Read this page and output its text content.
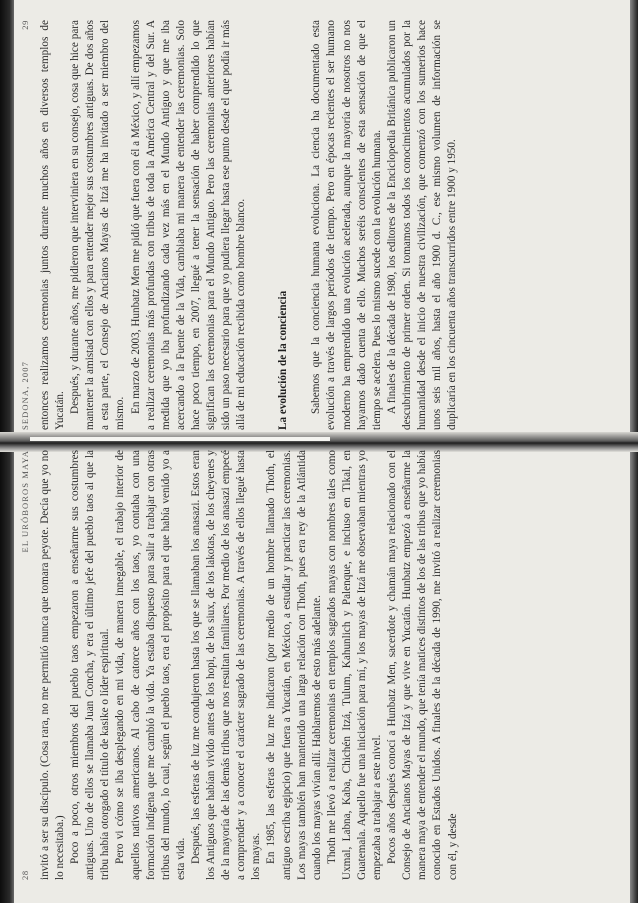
SEDONA, 2007
29 entonces realizamos ceremonias juntos durante muchos años en diversos templos de Yucatán. Después, y durante años, me pidieron que interviniera en su consejo, cosa que hice para mantener la amistad con ellos y para entender mejor sus costumbres antiguas. De dos años a esta parte, el Consejo de Ancianos Mayas de Itzá me ha invitado a ser miembro del mismo. En marzo de 2003, Hunbatz Men me pidió que fuera con él a México, y allí empezamos a realizar ceremonias más profundas con tribus de toda la América Central y del Sur. A medida que yo iba profundizando cada vez más en el Mundo Antiguo y que me iba acercando a la Fuente de la Vida, cambiaba mi manera de entender las ceremonias. Solo hace poco tiempo, en 2007, llegué a tener la sensación de haber comprendido lo que significan las ceremonias para el Mundo Antiguo. Pero las ceremonias anteriores habían sido un paso necesario para que yo pudiera llegar hasta ese punto desde el que podía ir más allá de mi educación recibida como hombre blanco.	La evolución de la conciencia Sabemos que la conciencia humana evoluciona. La ciencia ha documentado esta evolución a través de largos períodos de tiempo. Pero en épocas recientes el ser humano moderno ha emprendido una evolución acelerada, aunque la mayoría de nosotros no nos hayamos dado cuenta de ello. Muchos seréis conscientes de esta sensación de que el tiempo se acelera. Pues lo mismo sucede con la evolución humana. A finales de la década de 1980, los editores de la Enciclopedia Británica publicaron un descubrimiento de primer orden. Si tomamos todos los conocimientos acumulados por la humanidad desde el inicio de nuestra civilización, que comenzó con los sumerios hace unos seis mil años, hasta el año 1900 d. C., ese mismo volumen de información se duplicaría en los cincuenta años transcurridos entre 1900 y 1950.

28
EL URÓBOROS MAYA invitó a ser su discípulo. (Cosa rara, no me permitió nunca que tomara peyote. Decía que yo no lo necesitaba.) Poco a poco, otros miembros del pueblo taos empezaron a enseñarme sus costumbres antiguas. Uno de ellos se llamaba Juan Concha, y era el último jefe del pueblo taos al que la tribu había otorgado el título de kasike o líder espiritual. Pero vi cómo se iba desplegando en mi vida, de manera innegable, el trabajo interior de aquellos nativos americanos. Al cabo de catorce años con los taos, yo contaba con una formación indígena que me cambió la vida. Ya estaba dispuesto para salir a trabajar con otras tribus del mundo, lo cual, según el pueblo taos, era el propósito para el que había venido yo a esta vida. Después, las esferas de luz me condujeron hasta los que se llamaban los anasazi. Estos eran los Antiguos que habían vivido antes de los hopi, de los siux, de los lakotas, de los cheyenes y de la mayoría de las demás tribus que nos resultan familiares. Por medio de los anasazi empecé a comprender y a conocer el carácter sagrado de las ceremonias. A través de ellos llegué hasta los mayas. En 1985, las esferas de luz me indicaron (por medio de un hombre llamado Thoth, el antiguo escriba egipcio) que fuera a Yucatán, en México, a estudiar y practicar las ceremonias. Los mayas también han mantenido una larga relación con Thoth, pues era rey de la Atlántida cuando los mayas vivían allí. Hablaremos de esto más adelante. Thoth me llevó a realizar ceremonias en templos sagrados mayas con nombres tales como Uxmal, Labna, Kaba, Chichén Itzá, Tulum, Kahunlich y Palenque, e incluso en Tikal, en Guatemala. Aquello fue una iniciación para mí, y los mayas de Itzá me observaban mientras yo empezaba a trabajar a este nivel. Pocos años después conocí a Hunbatz Men, sacerdote y chamán maya relacionado con el Consejo de Ancianos Mayas de Itzá y que vive en Yucatán. Hunbatz empezó a enseñarme la manera maya de entender el mundo, que tenía matices distintos de los de las tribus que yo había conocido en Estados Unidos. A finales de la década de 1990, me invitó a realizar ceremonias con él, y desde
